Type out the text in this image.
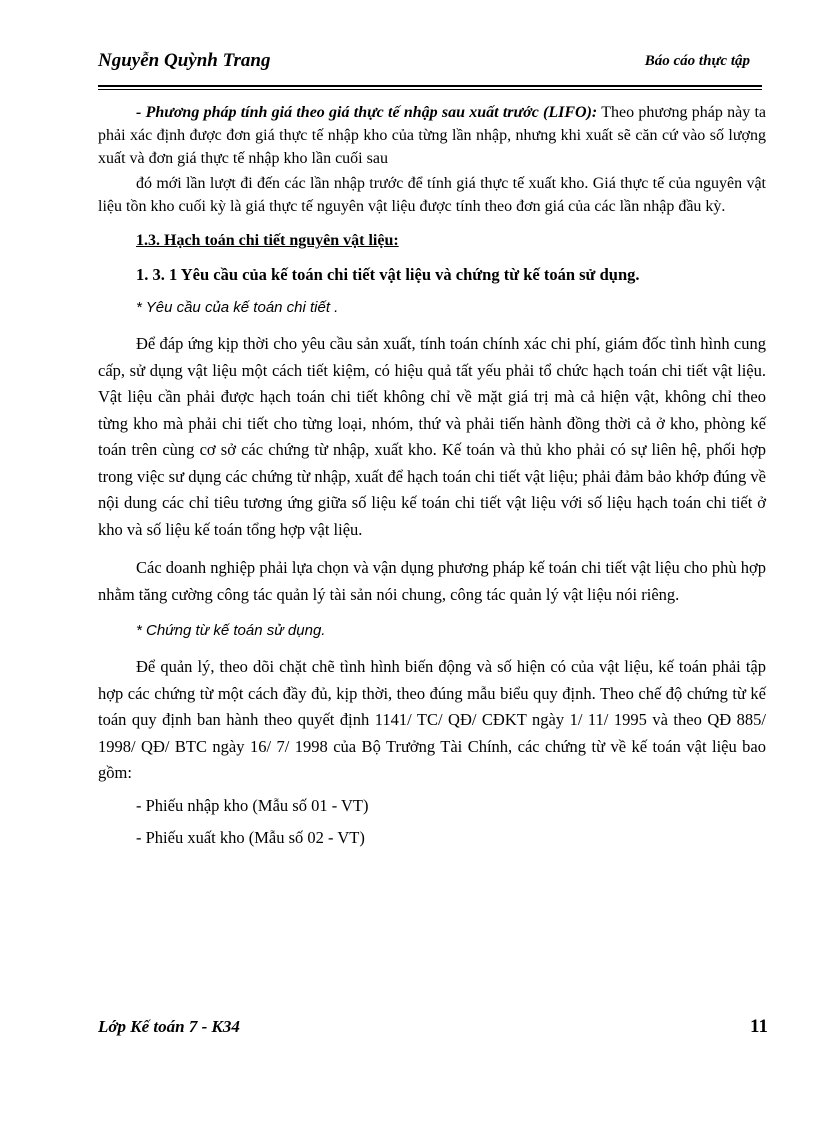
Nguyễn Quỳnh Trang	Báo cáo thực tập

- Phương pháp tính giá theo giá thực tế nhập sau xuất trước (LIFO): Theo phương pháp này ta phải xác định được đơn giá thực tế nhập kho của từng lần nhập, nhưng khi xuất sẽ căn cứ vào số lượng xuất và đơn giá thực tế nhập kho lần cuối sau

đó mới lần lượt đi đến các lần nhập trước để tính giá thực tế xuất kho. Giá thực tế của nguyên vật liệu tồn kho cuối kỳ là giá thực tế nguyên vật liệu được tính theo đơn giá của các lần nhập đầu kỳ.

1.3. Hạch toán chi tiết nguyên vật liệu:
1. 3. 1 Yêu cầu của kế toán chi tiết vật liệu và chứng từ kế toán sử dụng.
* Yêu cầu của kế toán chi tiết .

Để đáp ứng kịp thời cho yêu cầu sản xuất, tính toán chính xác chi phí, giám đốc tình hình cung cấp, sử dụng vật liệu một cách tiết kiệm, có hiệu quả tất yếu phải tổ chức hạch toán chi tiết vật liệu. Vật liệu cần phải được hạch toán chi tiết không chỉ về mặt giá trị mà cả hiện vật, không chỉ theo từng kho mà phải chi tiết cho từng loại, nhóm, thứ và phải tiến hành đồng thời cả ở kho, phòng kế toán trên cùng cơ sở các chứng từ nhập, xuất kho. Kế toán và thủ kho phải có sự liên hệ, phối hợp trong việc sư dụng các chứng từ nhập, xuất để hạch toán chi tiết vật liệu; phải đảm bảo khớp đúng về nội dung các chỉ tiêu tương ứng giữa số liệu kế toán chi tiết vật liệu với số liệu hạch toán chi tiết ở kho và số liệu kế toán tổng hợp vật liệu.

Các doanh nghiệp phải lựa chọn và vận dụng phương pháp kế toán chi tiết vật liệu cho phù hợp nhằm tăng cường công tác quản lý tài sản nói chung, công tác quản lý vật liệu nói riêng.

* Chứng từ kế toán sử dụng.

Để quản lý, theo dõi chặt chẽ tình hình biến động và số hiện có của vật liệu, kế toán phải tập hợp các chứng từ một cách đầy đủ, kịp thời, theo đúng mẫu biểu quy định. Theo chế độ chứng từ kế toán quy định ban hành theo quyết định 1141/ TC/ QĐ/ CĐKT ngày 1/ 11/ 1995 và theo QĐ 885/ 1998/ QĐ/ BTC ngày 16/ 7/ 1998 của Bộ Trưởng Tài Chính, các chứng từ về kế toán vật liệu bao gồm:

- Phiếu nhập kho (Mẫu số 01 - VT)
- Phiếu xuất kho (Mẫu số 02 - VT)
Lớp Kế toán 7 - K34	11
